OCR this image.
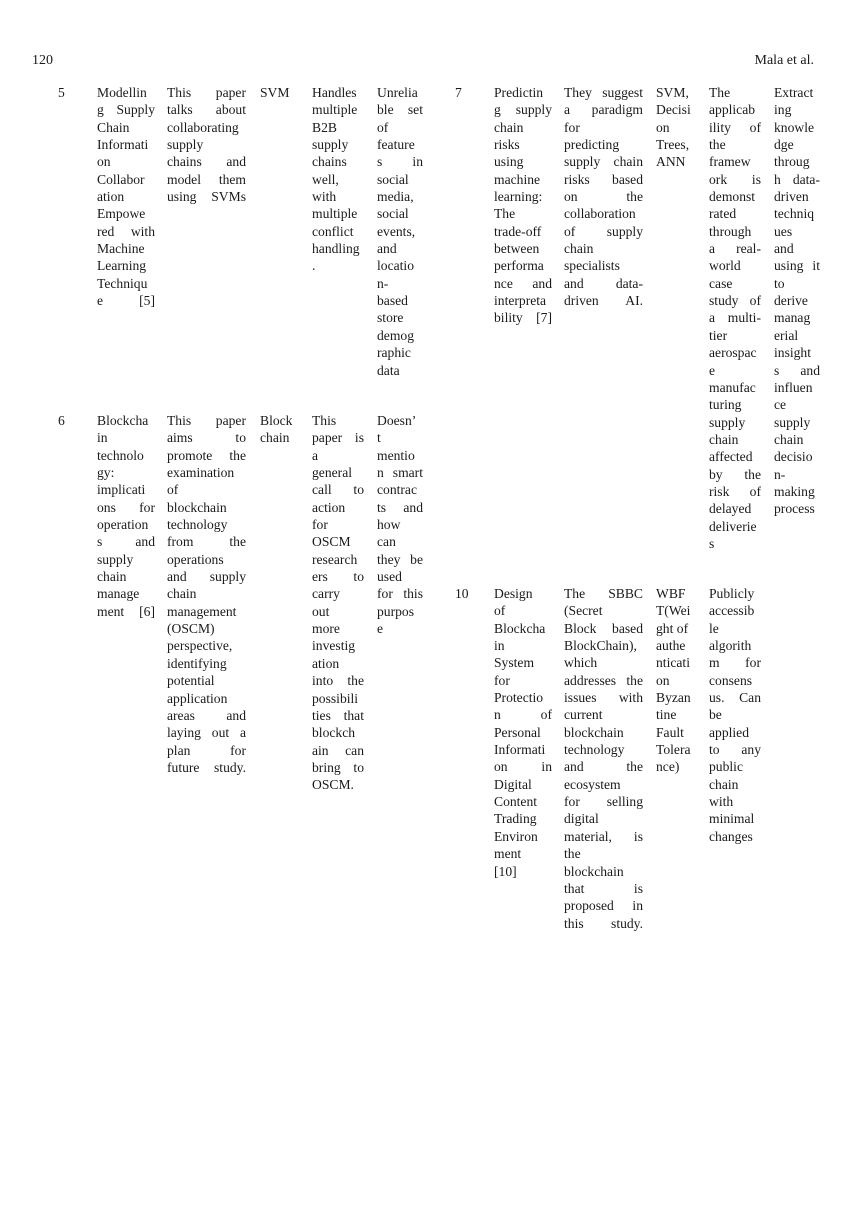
120	Mala et al.
5 Modellin
g Supply
Chain
Informati
on
Collabor
ation
Empowe
red with
Machine
Learning
Techniqu
e [5]
This paper
talks about
collaborating
supply
chains and
model them
using SVMs
SVM	Handles
multiple
B2B
supply
chains
well,
with
multiple
conflict
handling
.
Unrelia
ble set
of
feature
s in
social
media,
social
events,
and
locatio
n-
based
store
demog
raphic
data
6 Blockcha
in
technolo
gy:
implicati
ons for
operation
s and
supply
chain
manage
ment [6]
This paper
aims to
promote the
examination
of
blockchain
technology
from the
operations
and supply
chain
management
(OSCM)
perspective,
identifying
potential
application
areas and
laying out a
plan for
future study.
Block
chain
This
paper is
a
general
call to
action
for
OSCM
research
ers to
carry
out
more
investig
ation
into the
possibili
ties that
blockch
ain can
bring to
OSCM.
Doesn’
t
mentio
n smart
contrac
ts and
how
can
they be
used
for this
purpos
e
7 Predictin
g supply
chain
risks
using
machine
learning:
The
trade-off
between
performa
nce and
interpreta
bility [7]
They suggest
a paradigm
for
predicting
supply chain
risks based
on the
collaboration
of supply
chain
specialists
and data-
driven AI.
SVM,
Decisi
on
Trees,
ANN
The
applicab
ility of
the
framew
ork is
demonst
rated
through
a real-
world
case
study of
a multi-
tier
aerospac
e
manufac
turing
supply
chain
affected
by the
risk of
delayed
deliverie
s
Extract
ing
knowle
dge
throug
h data-
driven
techniq
ues
and
using it
to
derive
manag
erial
insight
s and
influen
ce
supply
chain
decisio
n-
making
process
10 Design
of
Blockcha
in
System
for
Protectio
n of
Personal
Informati
on in
Digital
Content
Trading
Environ
ment
[10]
The SBBC
(Secret
Block based
BlockChain),
which
addresses the
issues with
current
blockchain
technology
and the
ecosystem
for selling
digital
material, is
the
blockchain
that is
proposed in
this study.
WBF
T(Wei
ght of
authe
nticati
on
Byzan
tine
Fault
Tolera
nce)
Publicly
accessib
le
algorith
m for
consens
us. Can
be
applied
to any
public
chain
with
minimal
changes
